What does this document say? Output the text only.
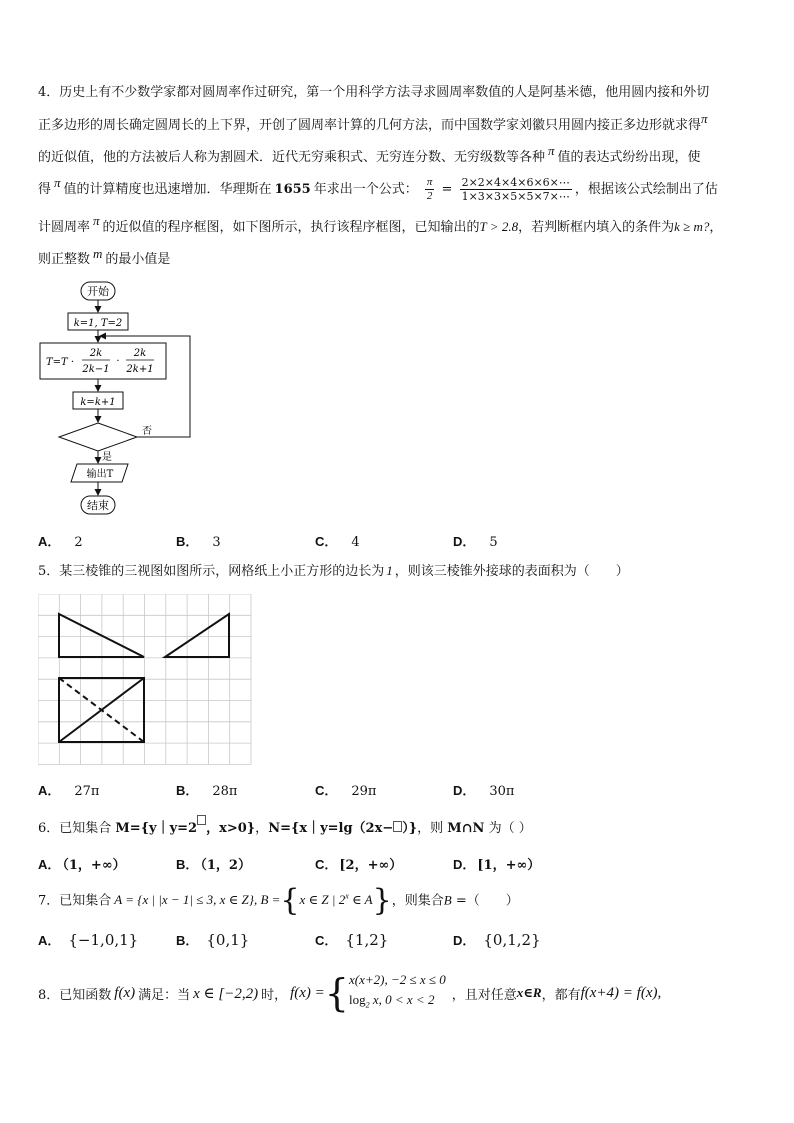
4．历史上有不少数学家都对圆周率作过研究，第一个用科学方法寻求圆周率数值的人是阿基米德，他用圆内接和外切
正多边形的周长确定圆周长的上下界，开创了圆周率计算的几何方法，而中国数学家刘徽只用圆内接正多边形就求得π
的近似值，他的方法被后人称为割圆术．近代无穷乘积式、无穷连分数、无穷级数等各种 π 值的表达式纷纷出现，使
得 π 值的计算精度也迅速增加．华理斯在 1655 年求出一个公式： $\frac{\pi}{2} = \frac{2\times 2\times 4\times 4\times 6\times 6\times\cdots}{1\times 3\times 3\times 5\times 5\times 7\times\cdots}$ ，根据该公式绘制出了估
计圆周率 π 的近似值的程序框图，如下图所示，执行该程序框图，已知输出的T > 2.8，若判断框内填入的条件为k ≥ m?，
则正整数 m 的最小值是
开始
k=1, T=2
T=T ·
2k
2k−1
·
2k
2k+1
k=k+1
否
是
输出T
结束
A． 2	B． 3	C． 4	D． 5
5．某三棱锥的三视图如图所示，网格纸上小正方形的边长为 1 ，则该三棱锥外接球的表面积为（　　）
A． 27π	B． 28π	C． 29π	D． 30π
6．已知集合 M={y｜y=2 ，x>0}，N={x｜y=lg（2x− ）}，则 M∩N 为（ ）
A． （1，+∞）	B． （1，2）	C． [2，+∞）	D． [1，+∞）
7．已知集合 A = {x | |x − 1| ≤ 3, x ∈ Z}, B ={x ∈ Z | 2$^x$ ∈ A}，则集合B =（　　）
A． {−1,0,1}	B． {0,1}	C． {1,2}	D． {0,1,2}
8．已知函数 f(x) 满足：当 x ∈ [−2,2) 时， f(x) = { x(x+2), −2 ≤ x ≤ 0
$\log_2 x$, 0 < x < 2	，且对任意 x∈R ，都有 f(x+4) = f(x),
